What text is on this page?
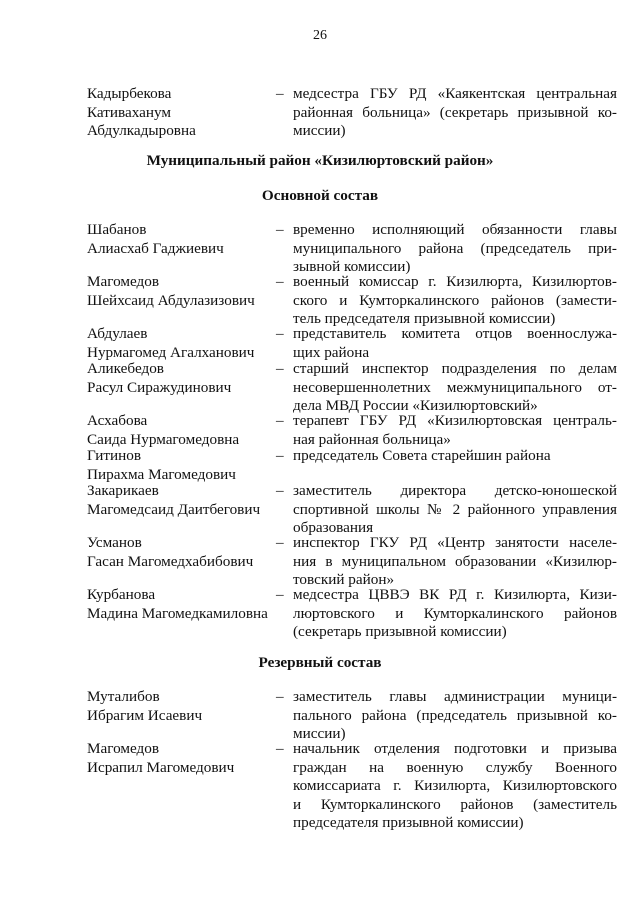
26
Кадырбекова
Кативаханум
Абдулкадыровна
– медсестра ГБУ РД «Каякентская центральная
районная больница» (секретарь призывной ко-
миссии)
Муниципальный район «Кизилюртовский район»
Основной состав
Шабанов
Алиасхаб Гаджиевич
– временно исполняющий обязанности главы
муниципального района (председатель при-
зывной комиссии)
Магомедов
Шейхсаид Абдулазизович
– военный комиссар г. Кизилюрта, Кизилюртов-
ского и Кумторкалинского районов (замести-
тель председателя призывной комиссии)
Абдулаев
Нурмагомед Агалханович
– представитель комитета отцов военнослужа-
щих района
Аликебедов
Расул Сиражудинович
– старший инспектор подразделения по делам
несовершеннолетних межмуниципального от-
дела МВД России «Кизилюртовский»
Асхабова
Саида Нурмагомедовна
– терапевт ГБУ РД «Кизилюртовская централь-
ная районная больница»
Гитинов
Пирахма Магомедович
– председатель Совета старейшин района
Закарикаев
Магомедсаид Даитбегович
– заместитель директора детско-юношеской
спортивной школы № 2 районного управления
образования
Усманов
Гасан Магомедхабибович
– инспектор ГКУ РД «Центр занятости населе-
ния в муниципальном образовании «Кизилюр-
товский район»
Курбанова
Мадина Магомедкамиловна
– медсестра ЦВВЭ ВК РД г. Кизилюрта, Кизи-
люртовского и Кумторкалинского районов
(секретарь призывной комиссии)
Резервный состав
Муталибов
Ибрагим Исаевич
– заместитель главы администрации муници-
пального района (председатель призывной ко-
миссии)
Магомедов
Исрапил Магомедович
– начальник отделения подготовки и призыва
граждан на военную службу Военного
комиссариата г. Кизилюрта, Кизилюртовского
и Кумторкалинского районов (заместитель
председателя призывной комиссии)
